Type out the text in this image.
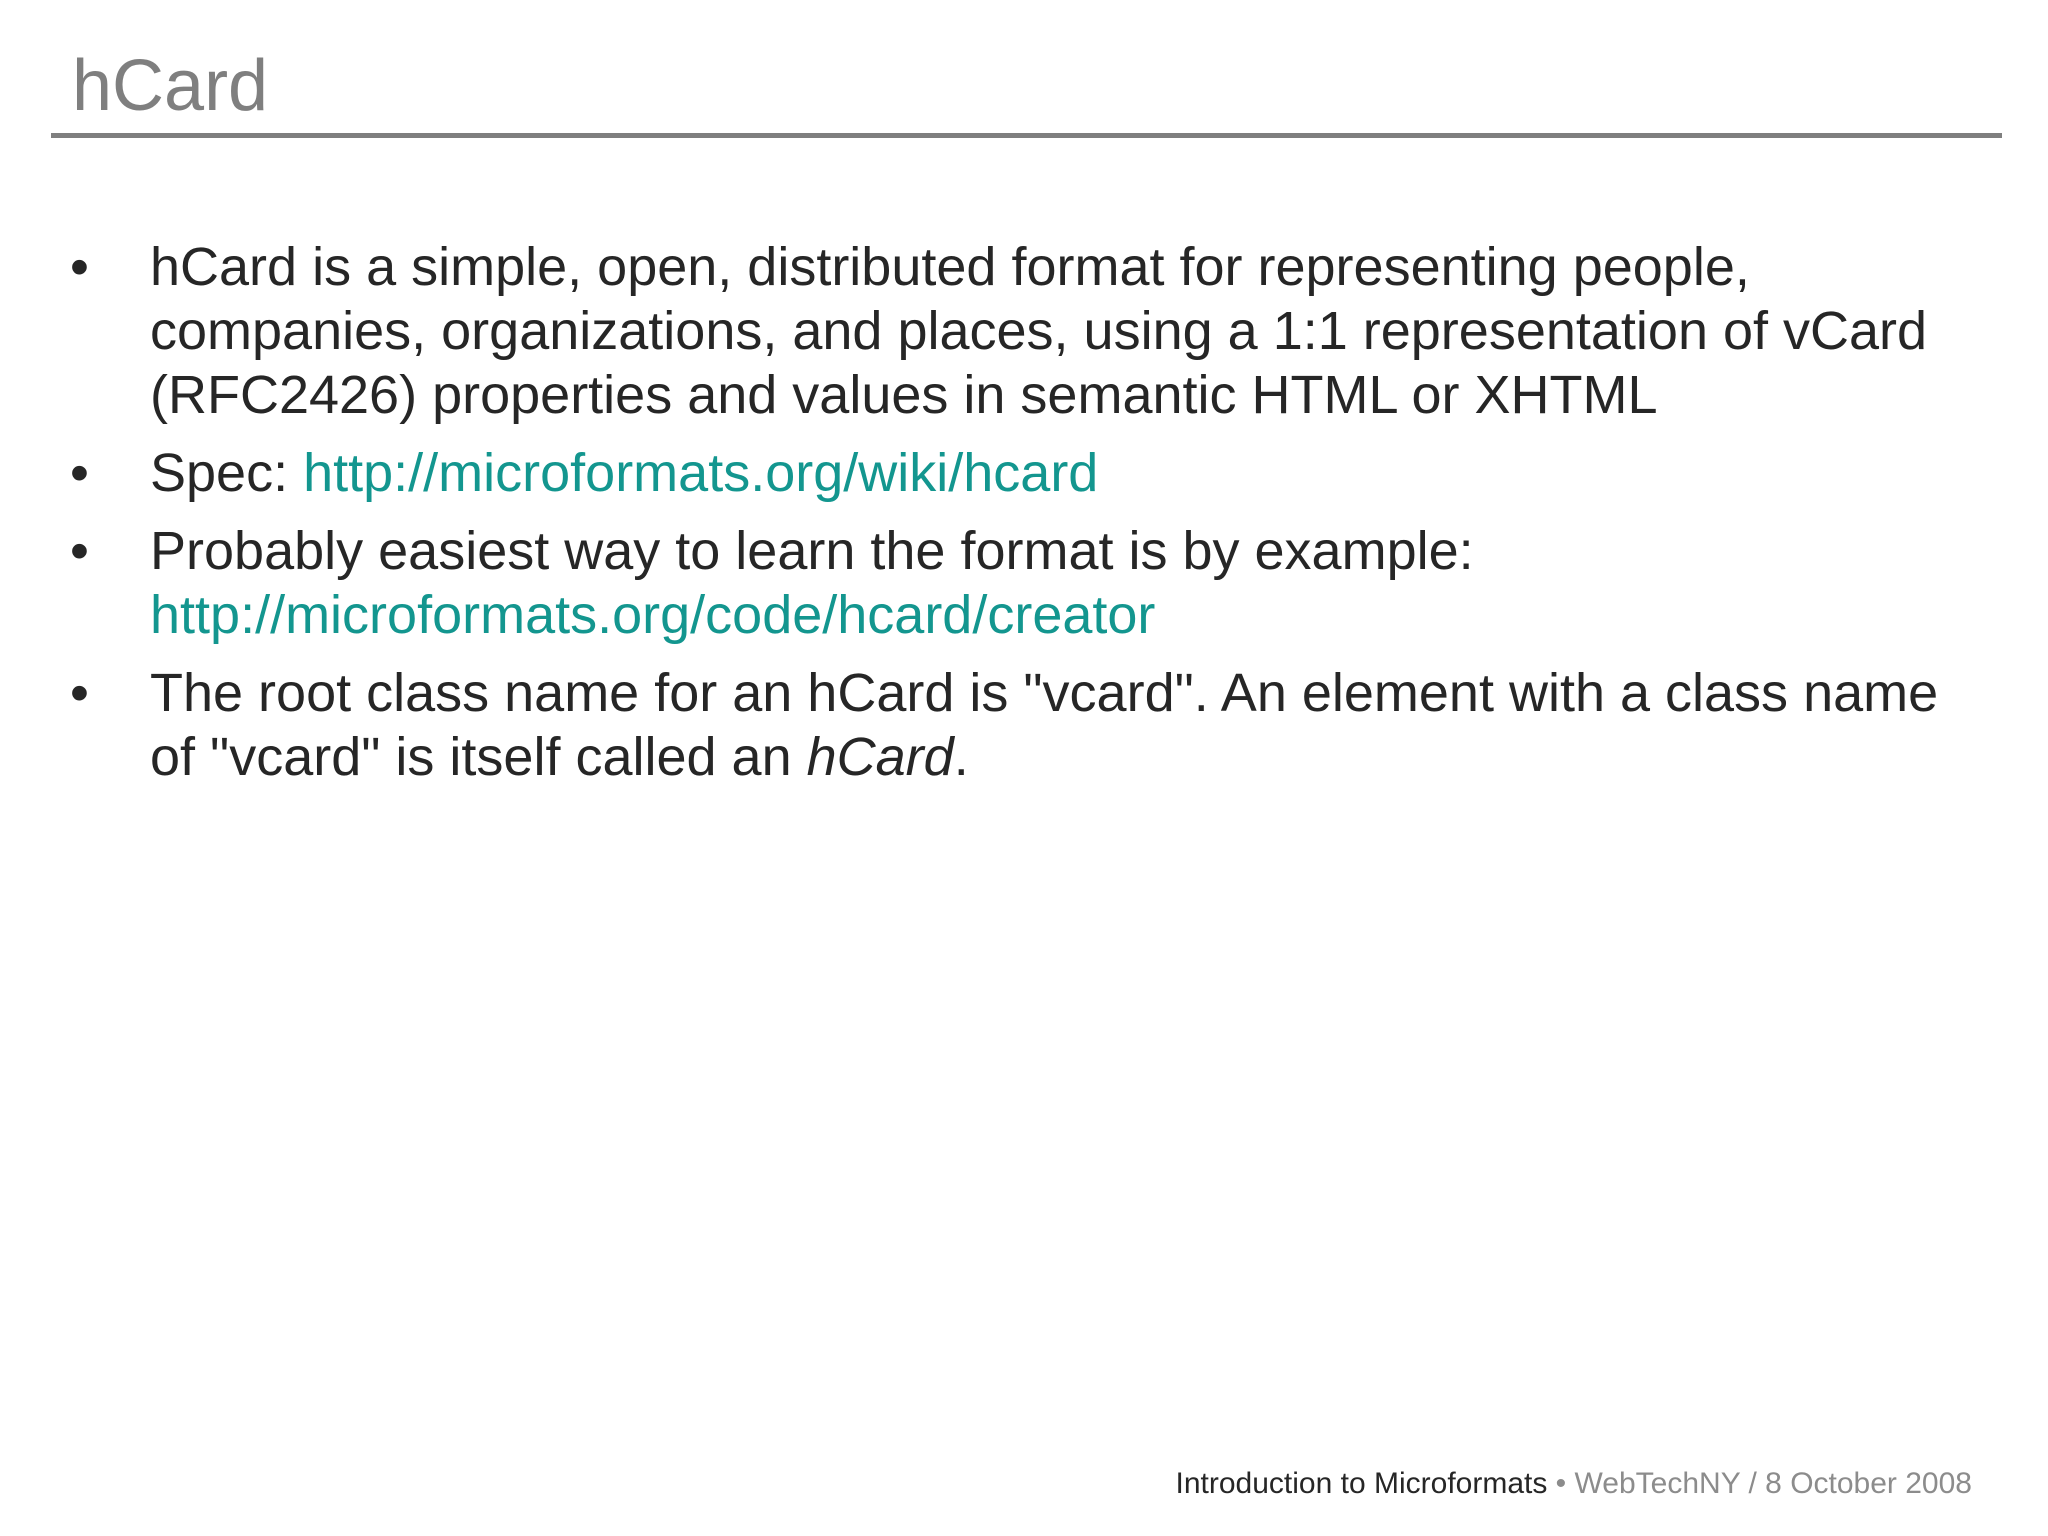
hCard
• hCard is a simple, open, distributed format for representing people, companies, organizations, and places, using a 1:1 representation of vCard (RFC2426) properties and values in semantic HTML or XHTML
• Spec: http://microformats.org/wiki/hcard
• Probably easiest way to learn the format is by example:
http://microformats.org/code/hcard/creator
• The root class name for an hCard is "vcard". An element with a class name of "vcard" is itself called an hCard.
Introduction to Microformats • WebTechNY / 8 October 2008
